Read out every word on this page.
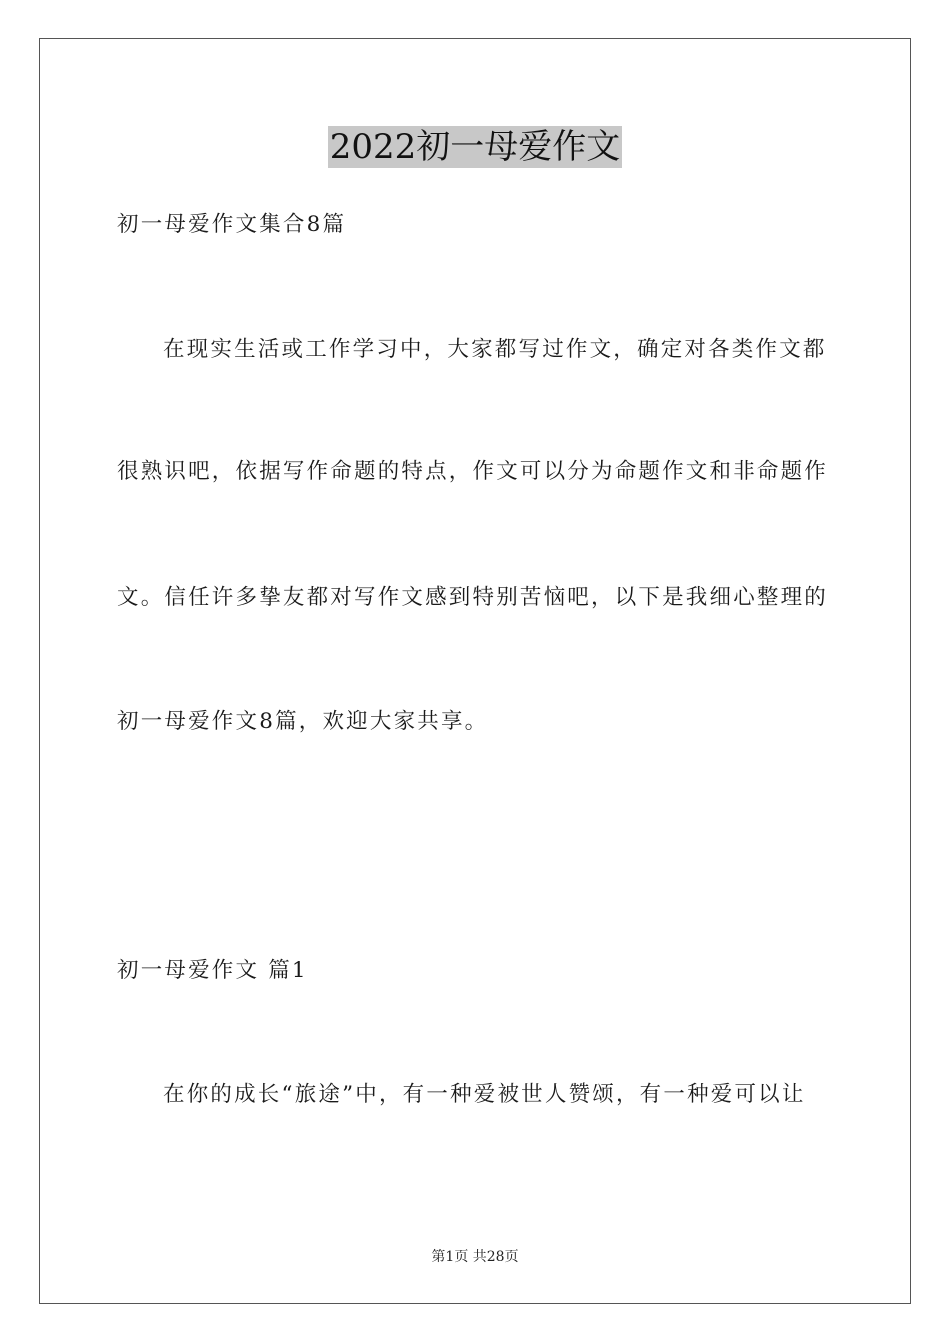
2022初一母爱作文
初一母爱作文集合8篇
在现实生活或工作学习中，大家都写过作文，确定对各类作文都
很熟识吧，依据写作命题的特点，作文可以分为命题作文和非命题作
文。信任许多挚友都对写作文感到特别苦恼吧，以下是我细心整理的
初一母爱作文8篇，欢迎大家共享。
初一母爱作文 篇1
在你的成长“旅途”中，有一种爱被世人赞颂，有一种爱可以让
第1页 共28页
